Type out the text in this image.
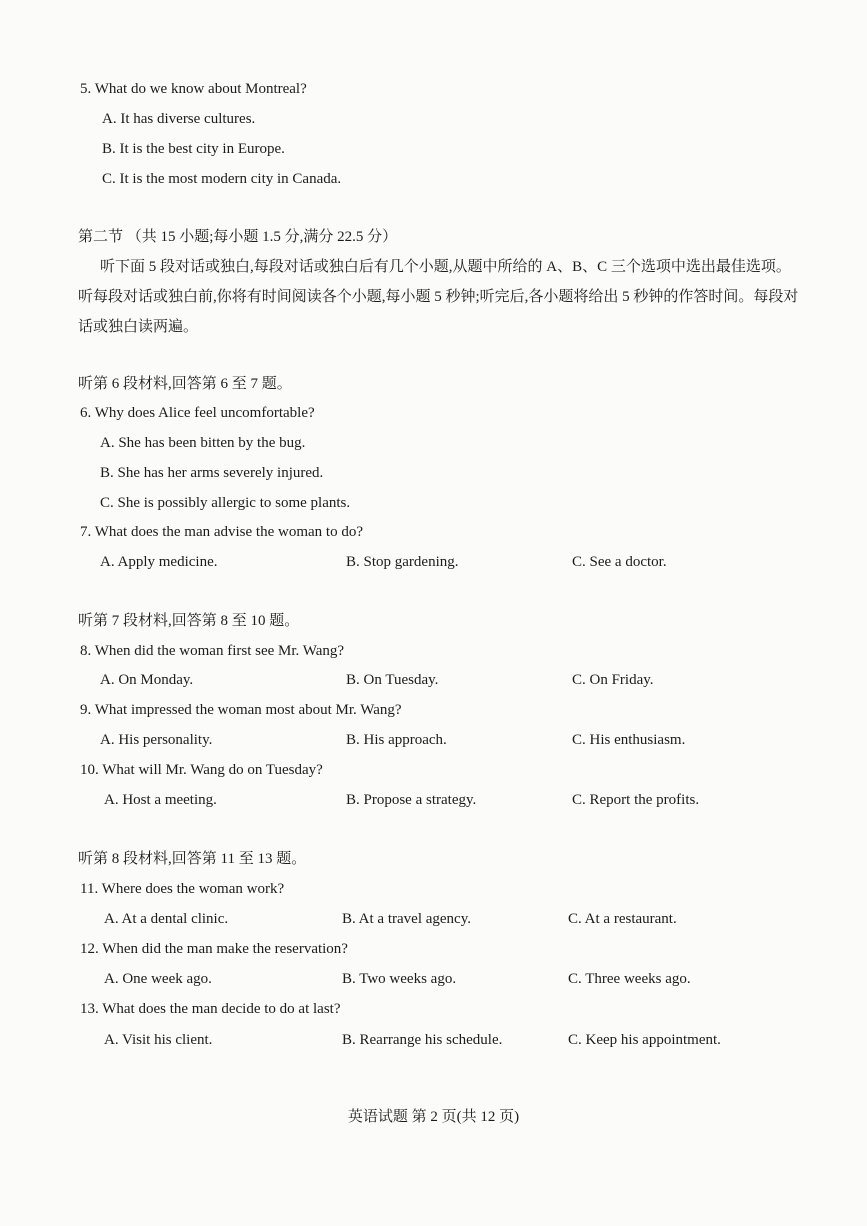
5. What do we know about Montreal?
A. It has diverse cultures.
B. It is the best city in Europe.
C. It is the most modern city in Canada.
第二节 （共 15 小题;每小题 1.5 分,满分 22.5 分）
听下面 5 段对话或独白,每段对话或独白后有几个小题,从题中所给的 A、B、C 三个选项中选出最佳选项。听每段对话或独白前,你将有时间阅读各个小题,每小题 5 秒钟;听完后,各小题将给出 5 秒钟的作答时间。每段对话或独白读两遍。
听第 6 段材料,回答第 6 至 7 题。
6. Why does Alice feel uncomfortable?
A. She has been bitten by the bug.
B. She has her arms severely injured.
C. She is possibly allergic to some plants.
7. What does the man advise the woman to do?
A. Apply medicine.	B. Stop gardening.	C. See a doctor.
听第 7 段材料,回答第 8 至 10 题。
8. When did the woman first see Mr. Wang?
A. On Monday.	B. On Tuesday.	C. On Friday.
9. What impressed the woman most about Mr. Wang?
A. His personality.	B. His approach.	C. His enthusiasm.
10. What will Mr. Wang do on Tuesday?
A. Host a meeting.	B. Propose a strategy.	C. Report the profits.
听第 8 段材料,回答第 11 至 13 题。
11. Where does the woman work?
A. At a dental clinic.	B. At a travel agency.	C. At a restaurant.
12. When did the man make the reservation?
A. One week ago.	B. Two weeks ago.	C. Three weeks ago.
13. What does the man decide to do at last?
A. Visit his client.	B. Rearrange his schedule.	C. Keep his appointment.
英语试题 第 2 页(共 12 页)
